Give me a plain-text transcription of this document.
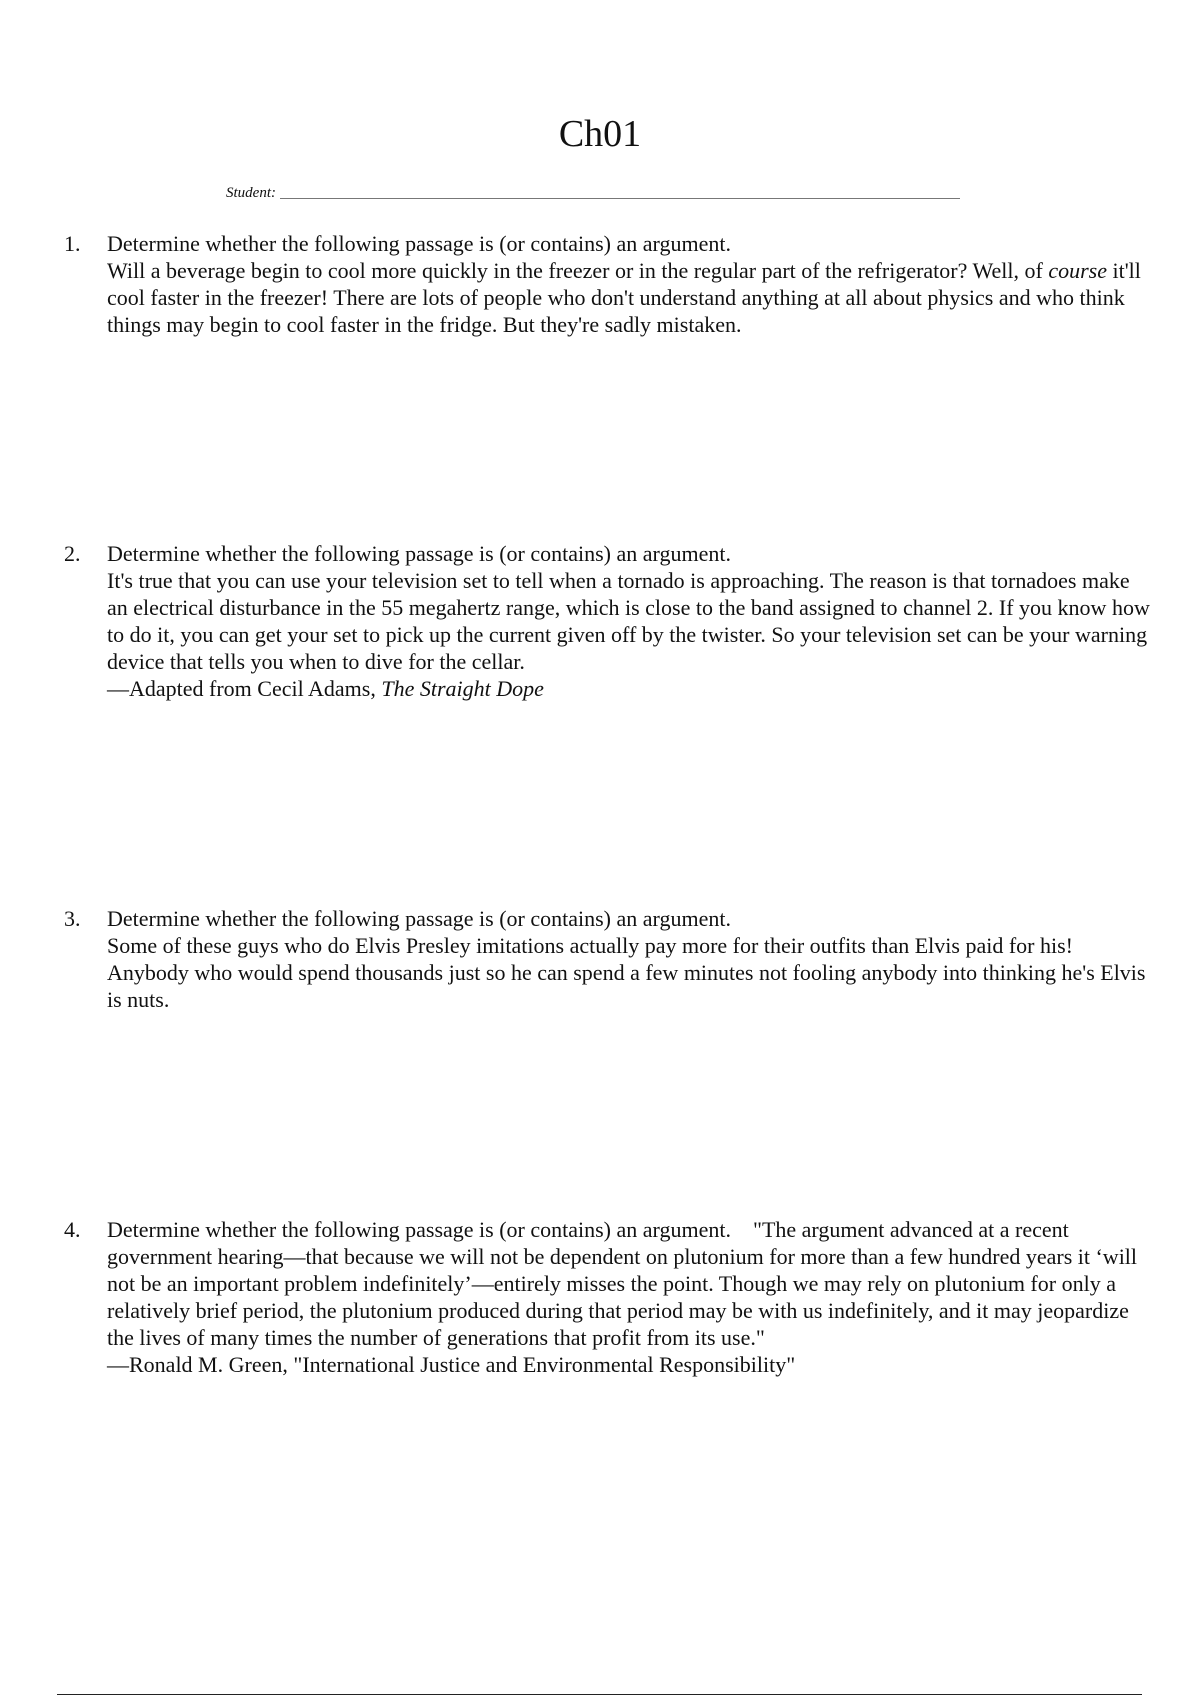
Ch01
Student:
1.	Determine whether the following passage is (or contains) an argument.

Will a beverage begin to cool more quickly in the freezer or in the regular part of the refrigerator? Well, of course it'll cool faster in the freezer! There are lots of people who don't understand anything at all about physics and who think things may begin to cool faster in the fridge. But they're sadly mistaken.

2.	Determine whether the following passage is (or contains) an argument.

It's true that you can use your television set to tell when a tornado is approaching. The reason is that tornadoes make an electrical disturbance in the 55 megahertz range, which is close to the band assigned to channel 2. If you know how to do it, you can get your set to pick up the current given off by the twister. So your television set can be your warning device that tells you when to dive for the cellar.

—Adapted from Cecil Adams, The Straight Dope

3.	Determine whether the following passage is (or contains) an argument.

Some of these guys who do Elvis Presley imitations actually pay more for their outfits than Elvis paid for his! Anybody who would spend thousands just so he can spend a few minutes not fooling anybody into thinking he's Elvis is nuts.

4.	Determine whether the following passage is (or contains) an argument. "The argument advanced at a recent government hearing—that because we will not be dependent on plutonium for more than a few hundred years it ‘will not be an important problem indefinitely’—entirely misses the point. Though we may rely on plutonium for only a relatively brief period, the plutonium produced during that period may be with us indefinitely, and it may jeopardize the lives of many times the number of generations that profit from its use."

—Ronald M. Green, "International Justice and Environmental Responsibility"
